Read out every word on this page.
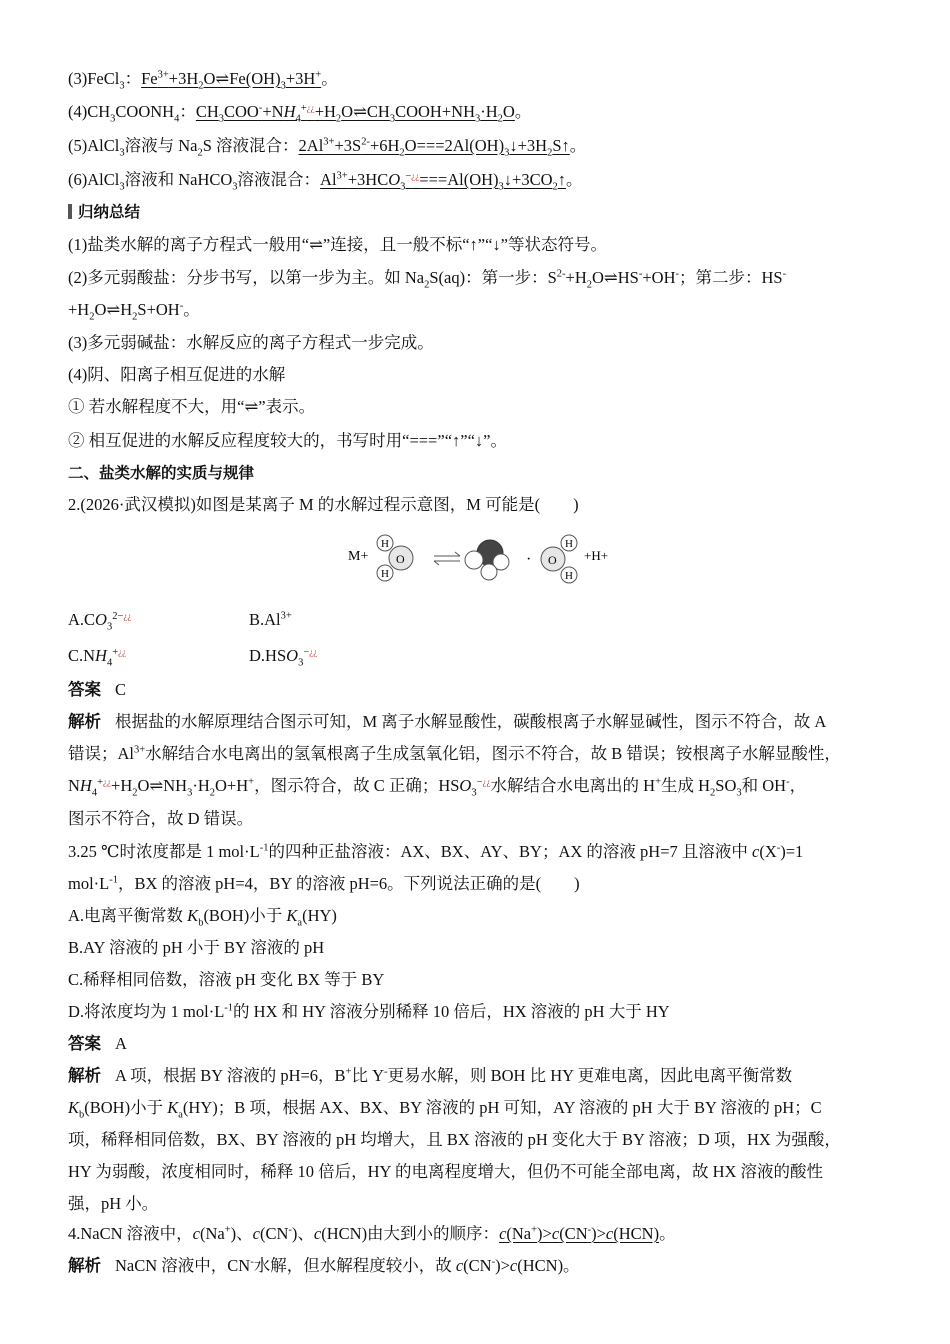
(3)FeCl$_3$：$Fe^{3+}+3H_2O\rightleftharpoons Fe(OH)_3+3H^+$。
$(4)CH_3COONH_4$：$CH_3COO^-+NH_4^{+¿¿}+H_2O\rightleftharpoons CH_3COOH+NH_3\cdot H_2O$。
(5)AlCl$_3$溶液与 $Na_2S$ 溶液混合：$2Al^{3+}+3S^{2-}+6H_2O===2Al(OH)_3↓+3H_2S↑$。
(6)AlCl$_3$溶液和 NaHCO$_3$溶液混合：$Al^{3+}+3HCO_3^{-¿¿}===Al(OH)_3↓+3CO_2↑$。
归纳总结
(1)盐类水解的离子方程式一般用“⇌”连接，且一般不标“↑”“↓”等状态符号。
(2)多元弱酸盐：分步书写，以第一步为主。如 $Na_2S(aq)$：第一步：$S^{2-}+H_2O\rightleftharpoons HS^-+OH^-$；第二步：HS-
$+H_2O\rightleftharpoons H_2S+OH^-$。
(3)多元弱碱盐：水解反应的离子方程式一步完成。
(4)阴、阳离子相互促进的水解
① 若水解程度不大，用“⇌”表示。
② 相互促进的水解反应程度较大的，书写时用“===”“↑”“↓”。
二、盐类水解的实质与规律
2.(2026·武汉模拟)如图是某离子 M 的水解过程示意图，M 可能是(　　)
M+ O
H
H
· O
H
H
+H+
$A.CO_3^{2-¿¿}$	$B.Al^{3+}$
$C.NH_4^{+¿¿}$	$D.HSO_3^{-¿¿}$
答案 C
解析 根据盐的水解原理结合图示可知，M 离子水解显酸性，碳酸根离子水解显碱性，图示不符合，故 A
错误；$Al^{3+}$水解结合水电离出的氢氧根离子生成氢氧化铝，图示不符合，故 B 错误；铵根离子水解显酸性，
$NH_4^{+¿¿}+H_2O\rightleftharpoons NH_3\cdot H_2O+H^+$，图示符合，故 C 正确；$HSO_3^{-¿¿}$水解结合水电离出的 H+生成 $H_2SO_3$和 OH-，
图示不符合，故 D 错误。
3.25 ℃时浓度都是 1 $mol\cdot L^{-1}$的四种正盐溶液：AX、BX、AY、BY；AX 的溶液 pH=7 且溶液中 c(X-)=1
$mol\cdot L^{-1}$，BX 的溶液 pH=4，BY 的溶液 pH=6。下列说法正确的是(　　)
A.电离平衡常数 $K_b(BOH)$小于 $K_a(HY)$
B.AY 溶液的 pH 小于 BY 溶液的 pH
C.稀释相同倍数，溶液 pH 变化 BX 等于 BY
D.将浓度均为 1 $mol\cdot L^{-1}$的 HX 和 HY 溶液分别稀释 10 倍后，HX 溶液的 pH 大于 HY
答案 A
解析 A 项，根据 BY 溶液的 pH=6，B+比 Y-更易水解，则 BOH 比 HY 更难电离，因此电离平衡常数
$K_b(BOH)$小于 $K_a(HY)$；B 项，根据 AX、BX、BY 溶液的 pH 可知，AY 溶液的 pH 大于 BY 溶液的 pH；C
项，稀释相同倍数，BX、BY 溶液的 pH 均增大，且 BX 溶液的 pH 变化大于 BY 溶液；D 项，HX 为强酸，
HY 为弱酸，浓度相同时，稀释 10 倍后，HY 的电离程度增大，但仍不可能全部电离，故 HX 溶液的酸性
强，pH 小。
4.NaCN 溶液中，c(Na+)、c(CN-)、c(HCN)由大到小的顺序：c(Na+)>c(CN-)>c(HCN)。
解析 NaCN 溶液中，CN-水解，但水解程度较小，故 c(CN-)>c(HCN)。
